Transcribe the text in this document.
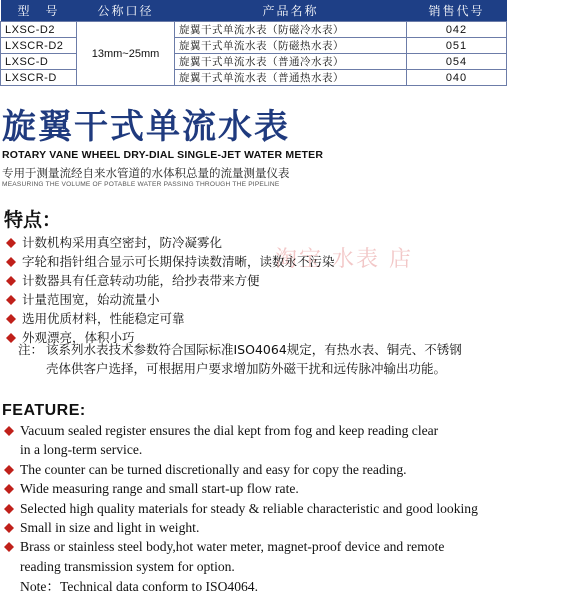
型　号	公称口径	产品名称	销售代号	
LXSC-D2	13mm~25mm	旋翼干式单流水表（防磁冷水表）	042	
LXSCR-D2		旋翼干式单流水表（防磁热水表）	051	
LXSC-D		旋翼干式单流水表（普通冷水表）	054	
LXSCR-D		旋翼干式单流水表（普通热水表）	040	
旋翼干式单流水表
ROTARY VANE WHEEL DRY-DIAL SINGLE-JET WATER METER
专用于测量流经自来水管道的水体积总量的流量测量仪表
MEASURING THE VOLUME OF POTABLE WATER PASSING THROUGH THE PIPELINE
特点：
淘宝 水表 店
计数机构采用真空密封，防冷凝雾化
字轮和指针组合显示可长期保持读数清晰，读数永不污染
计数器具有任意转动功能，给抄表带来方便
计量范围宽，始动流量小
选用优质材料，性能稳定可靠
外观漂亮，体积小巧
注： 该系列水表技术参数符合国际标准ISO4064规定，有热水表、铜壳、不锈钢壳体供客户选择，可根据用户要求增加防外磁干扰和远传脉冲输出功能。
FEATURE:
Vacuum sealed register ensures the dial kept from fog and keep reading clear
in a long-term service.
The counter can be turned discretionally and easy for copy the reading.
Wide measuring range and small start-up flow rate.
Selected high quality materials for steady & reliable characteristic and good looking
Small in size and light in weight.
Brass or stainless steel body,hot water meter, magnet-proof device and remote
reading transmission system for option.
Note：Technical data conform to ISO4064.
